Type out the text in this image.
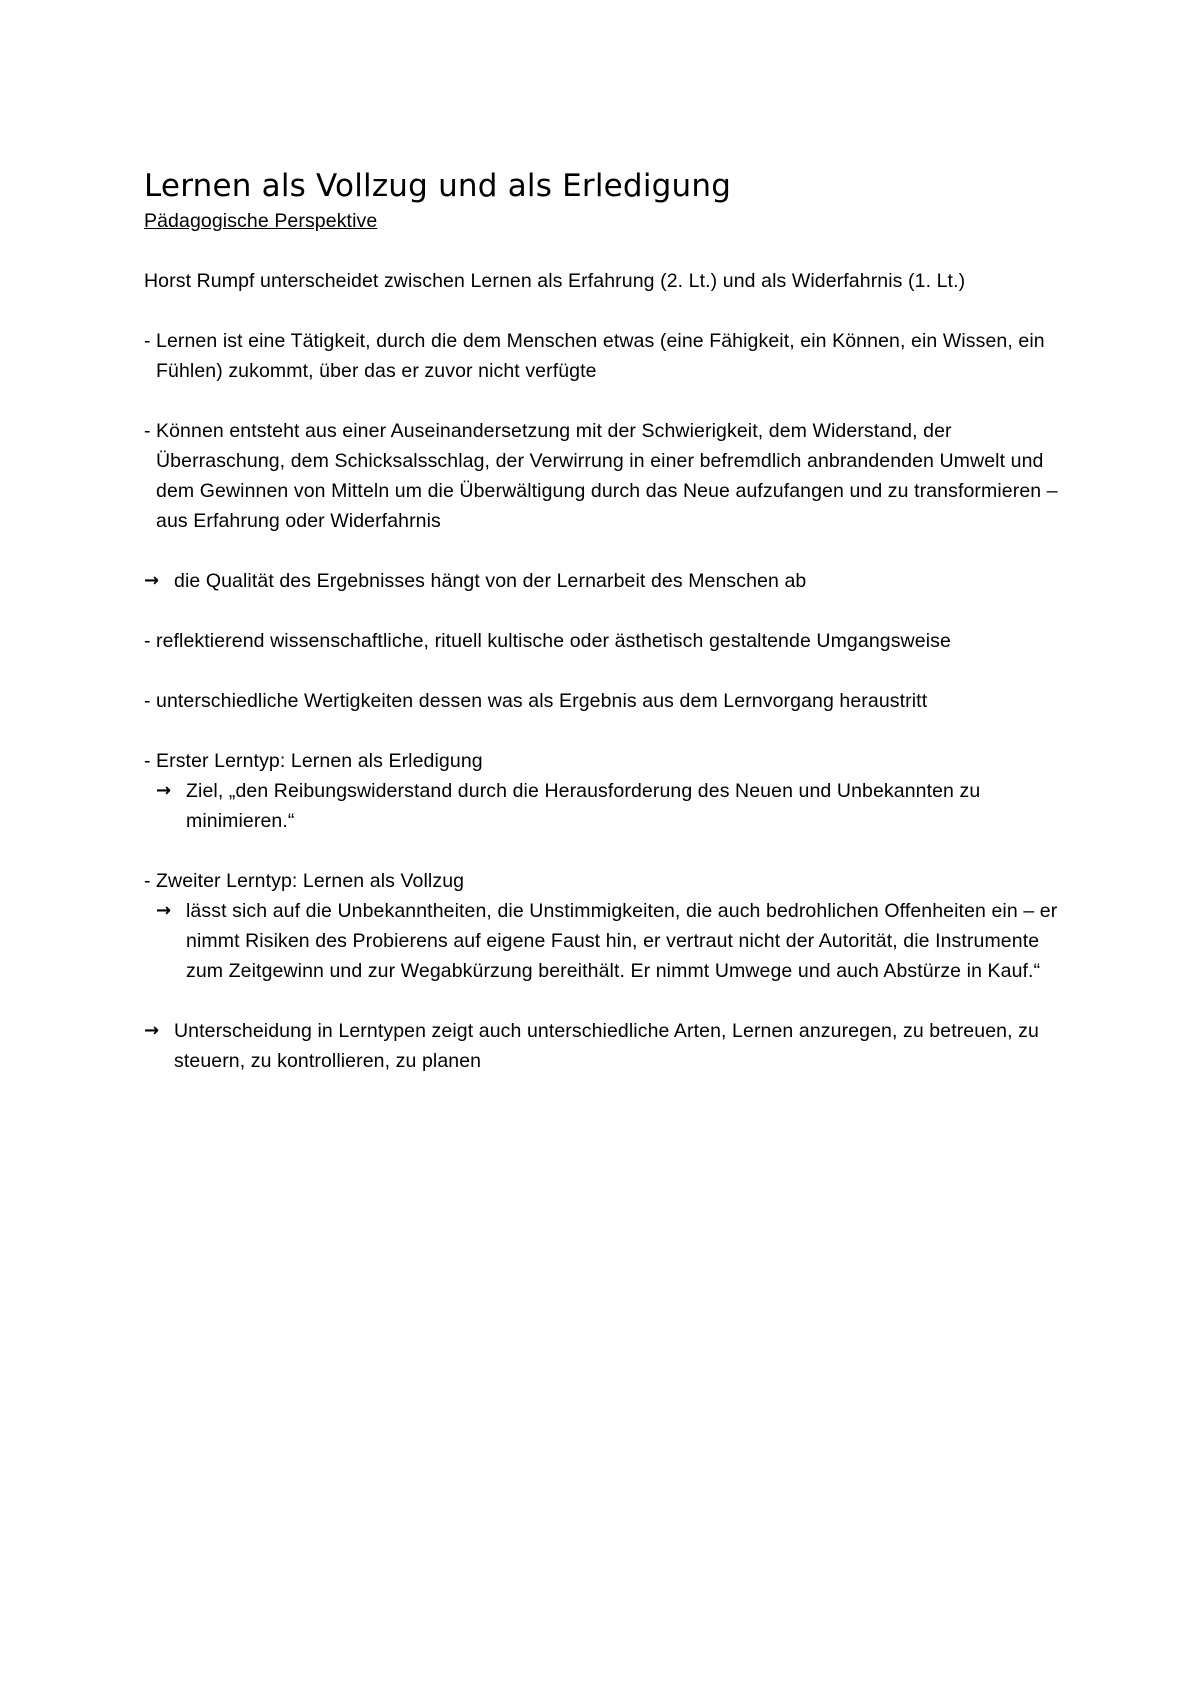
Lernen als Vollzug und als Erledigung

Pädagogische Perspektive

Horst Rumpf unterscheidet zwischen Lernen als Erfahrung (2. Lt.) und als Widerfahrnis (1. Lt.)

- Lernen ist eine Tätigkeit, durch die dem Menschen etwas (eine Fähigkeit, ein Können, ein Wissen, ein Fühlen) zukommt, über das er zuvor nicht verfügte
- Können entsteht aus einer Auseinandersetzung mit der Schwierigkeit, dem Widerstand, der Überraschung, dem Schicksalsschlag, der Verwirrung in einer befremdlich anbrandenden Umwelt und dem Gewinnen von Mitteln um die Überwältigung durch das Neue aufzufangen und zu transformieren – aus Erfahrung oder Widerfahrnis
→ die Qualität des Ergebnisses hängt von der Lernarbeit des Menschen ab
- reflektierend wissenschaftliche, rituell kultische oder ästhetisch gestaltende Umgangsweise
- unterschiedliche Wertigkeiten dessen was als Ergebnis aus dem Lernvorgang heraustritt
- Erster Lerntyp: Lernen als Erledigung
→ Ziel, „den Reibungswiderstand durch die Herausforderung des Neuen und Unbekannten zu minimieren.“
- Zweiter Lerntyp: Lernen als Vollzug
→ lässt sich auf die Unbekanntheiten, die Unstimmigkeiten, die auch bedrohlichen Offenheiten ein – er nimmt Risiken des Probierens auf eigene Faust hin, er vertraut nicht der Autorität, die Instrumente zum Zeitgewinn und zur Wegabkürzung bereithält. Er nimmt Umwege und auch Abstürze in Kauf.“
→ Unterscheidung in Lerntypen zeigt auch unterschiedliche Arten, Lernen anzuregen, zu betreuen, zu steuern, zu kontrollieren, zu planen
